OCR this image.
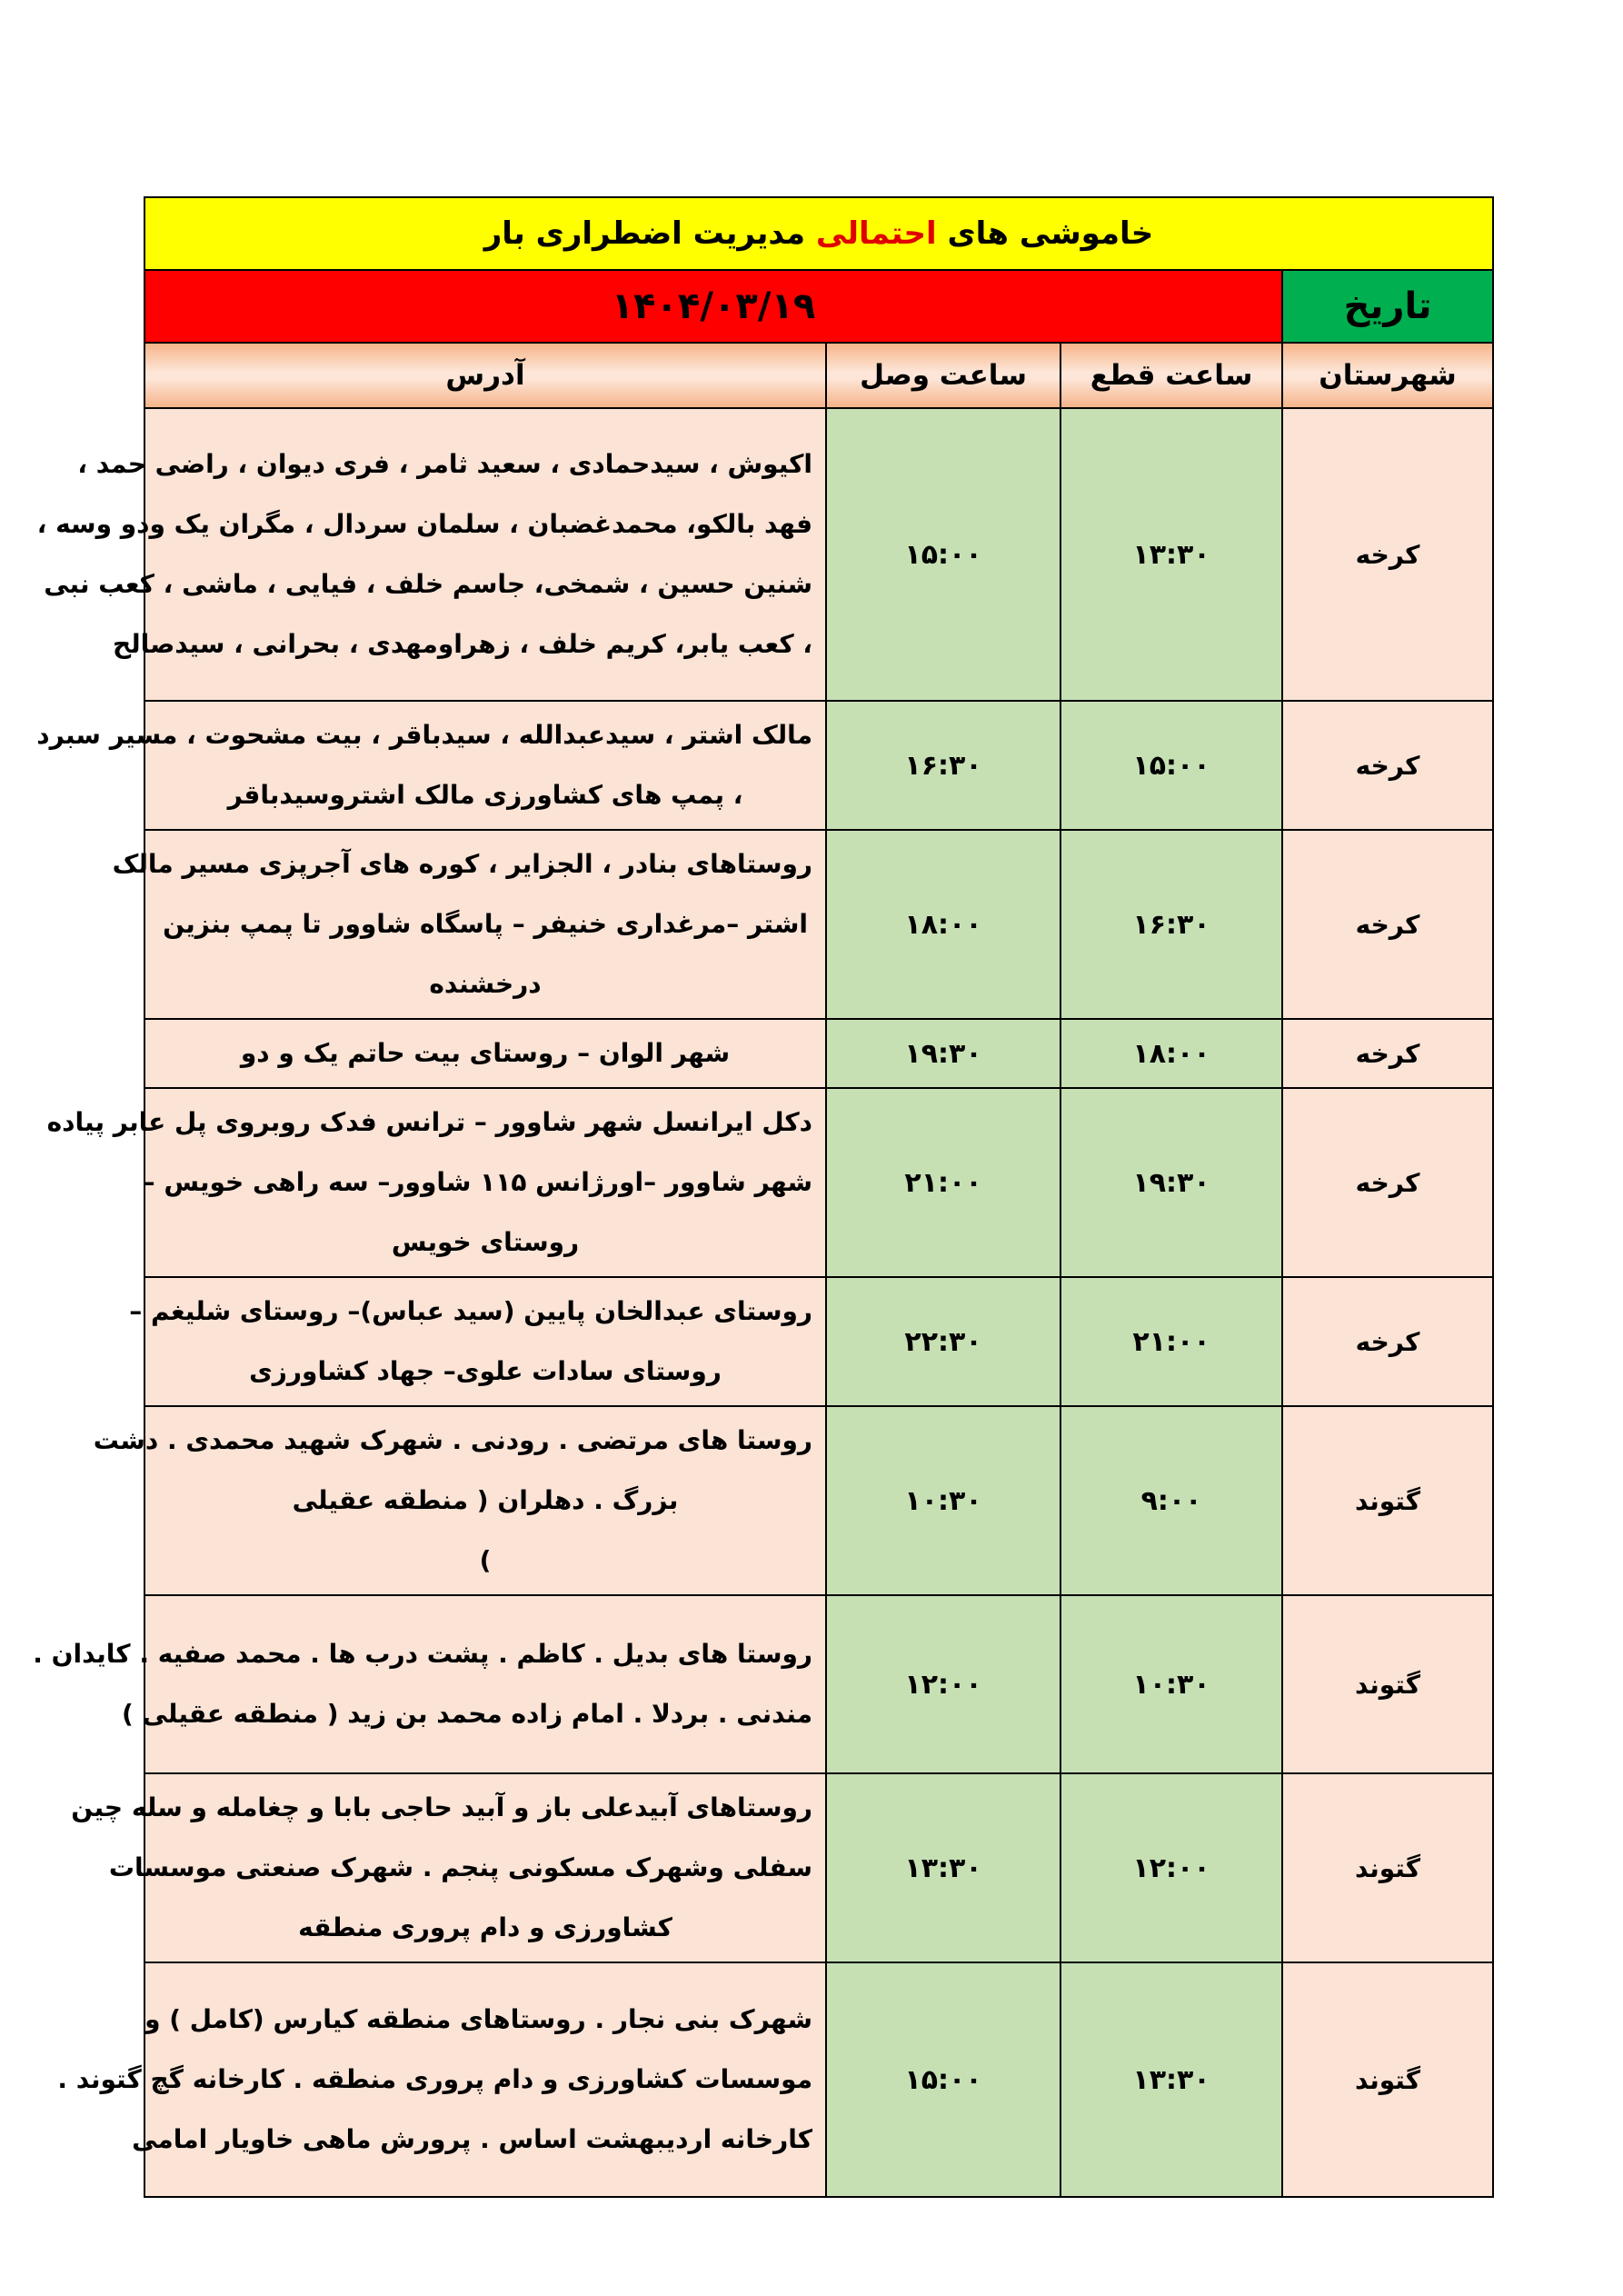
خاموشی های احتمالی مدیریت اضطراری بار			
تاریخ	۱۴۰۴/۰۳/۱۹		
شهرستان	ساعت قطع	ساعت وصل	آدرس
کرخه	۱۳:۳۰	۱۵:۰۰	اکیوش ، سیدحمادی ، سعید ثامر ، فری دیوان ، راضی حمد ،
فهد بالکو، محمدغضبان ، سلمان سردال ، مگران یک ودو وسه ،
شنین حسین ، شمخی، جاسم خلف ، فیایی ، ماشی ، کعب نبی
، کعب یابر، کریم خلف ، زهراومهدی ، بحرانی ، سیدصالح

کرخه	۱۵:۰۰	۱۶:۳۰	مالک اشتر ، سیدعبدالله ، سیدباقر ، بیت مشحوت ، مسیر سبرد
، پمپ های کشاورزی مالک اشتروسیدباقر

کرخه	۱۶:۳۰	۱۸:۰۰	روستاهای بنادر ، الجزایر ، کوره های آجرپزی مسیر مالک
اشتر –مرغداری خنیفر – پاسگاه شاوور تا پمپ بنزین
درخشنده

کرخه	۱۸:۰۰	۱۹:۳۰	شهر الوان – روستای بیت حاتم یک و دو

کرخه	۱۹:۳۰	۲۱:۰۰	دکل ایرانسل شهر شاوور – ترانس فدک روبروی پل عابر پیاده
شهر شاوور –اورژانس ۱۱۵ شاوور– سه راهی خویس –
روستای خویس

کرخه	۲۱:۰۰	۲۲:۳۰	روستای عبدالخان پایین (سید عباس)– روستای شلیغم –
روستای سادات علوی– جهاد کشاورزی

گتوند	۹:۰۰	۱۰:۳۰	روستا های مرتضی . رودنی . شهرک شهید محمدی . دشت
بزرگ . دهلران ( منطقه عقیلی
)

گتوند	۱۰:۳۰	۱۲:۰۰	روستا های بدیل . کاظم . پشت درب ها . محمد صفیه . کایدان .
مندنی . بردلا . امام زاده محمد بن زید ( منطقه عقیلی )

گتوند	۱۲:۰۰	۱۳:۳۰	روستاهای آبیدعلی باز و آبید حاجی بابا و چغامله و سله چین
سفلی وشهرک مسکونی پنجم . شهرک صنعتی موسسات
کشاورزی و دام پروری منطقه

گتوند	۱۳:۳۰	۱۵:۰۰	شهرک بنی نجار . روستاهای منطقه کیارس (کامل ) و
موسسات کشاورزی و دام پروری منطقه . کارخانه گچ گتوند .
کارخانه اردیبهشت اساس . پرورش ماهی خاویار امامی
